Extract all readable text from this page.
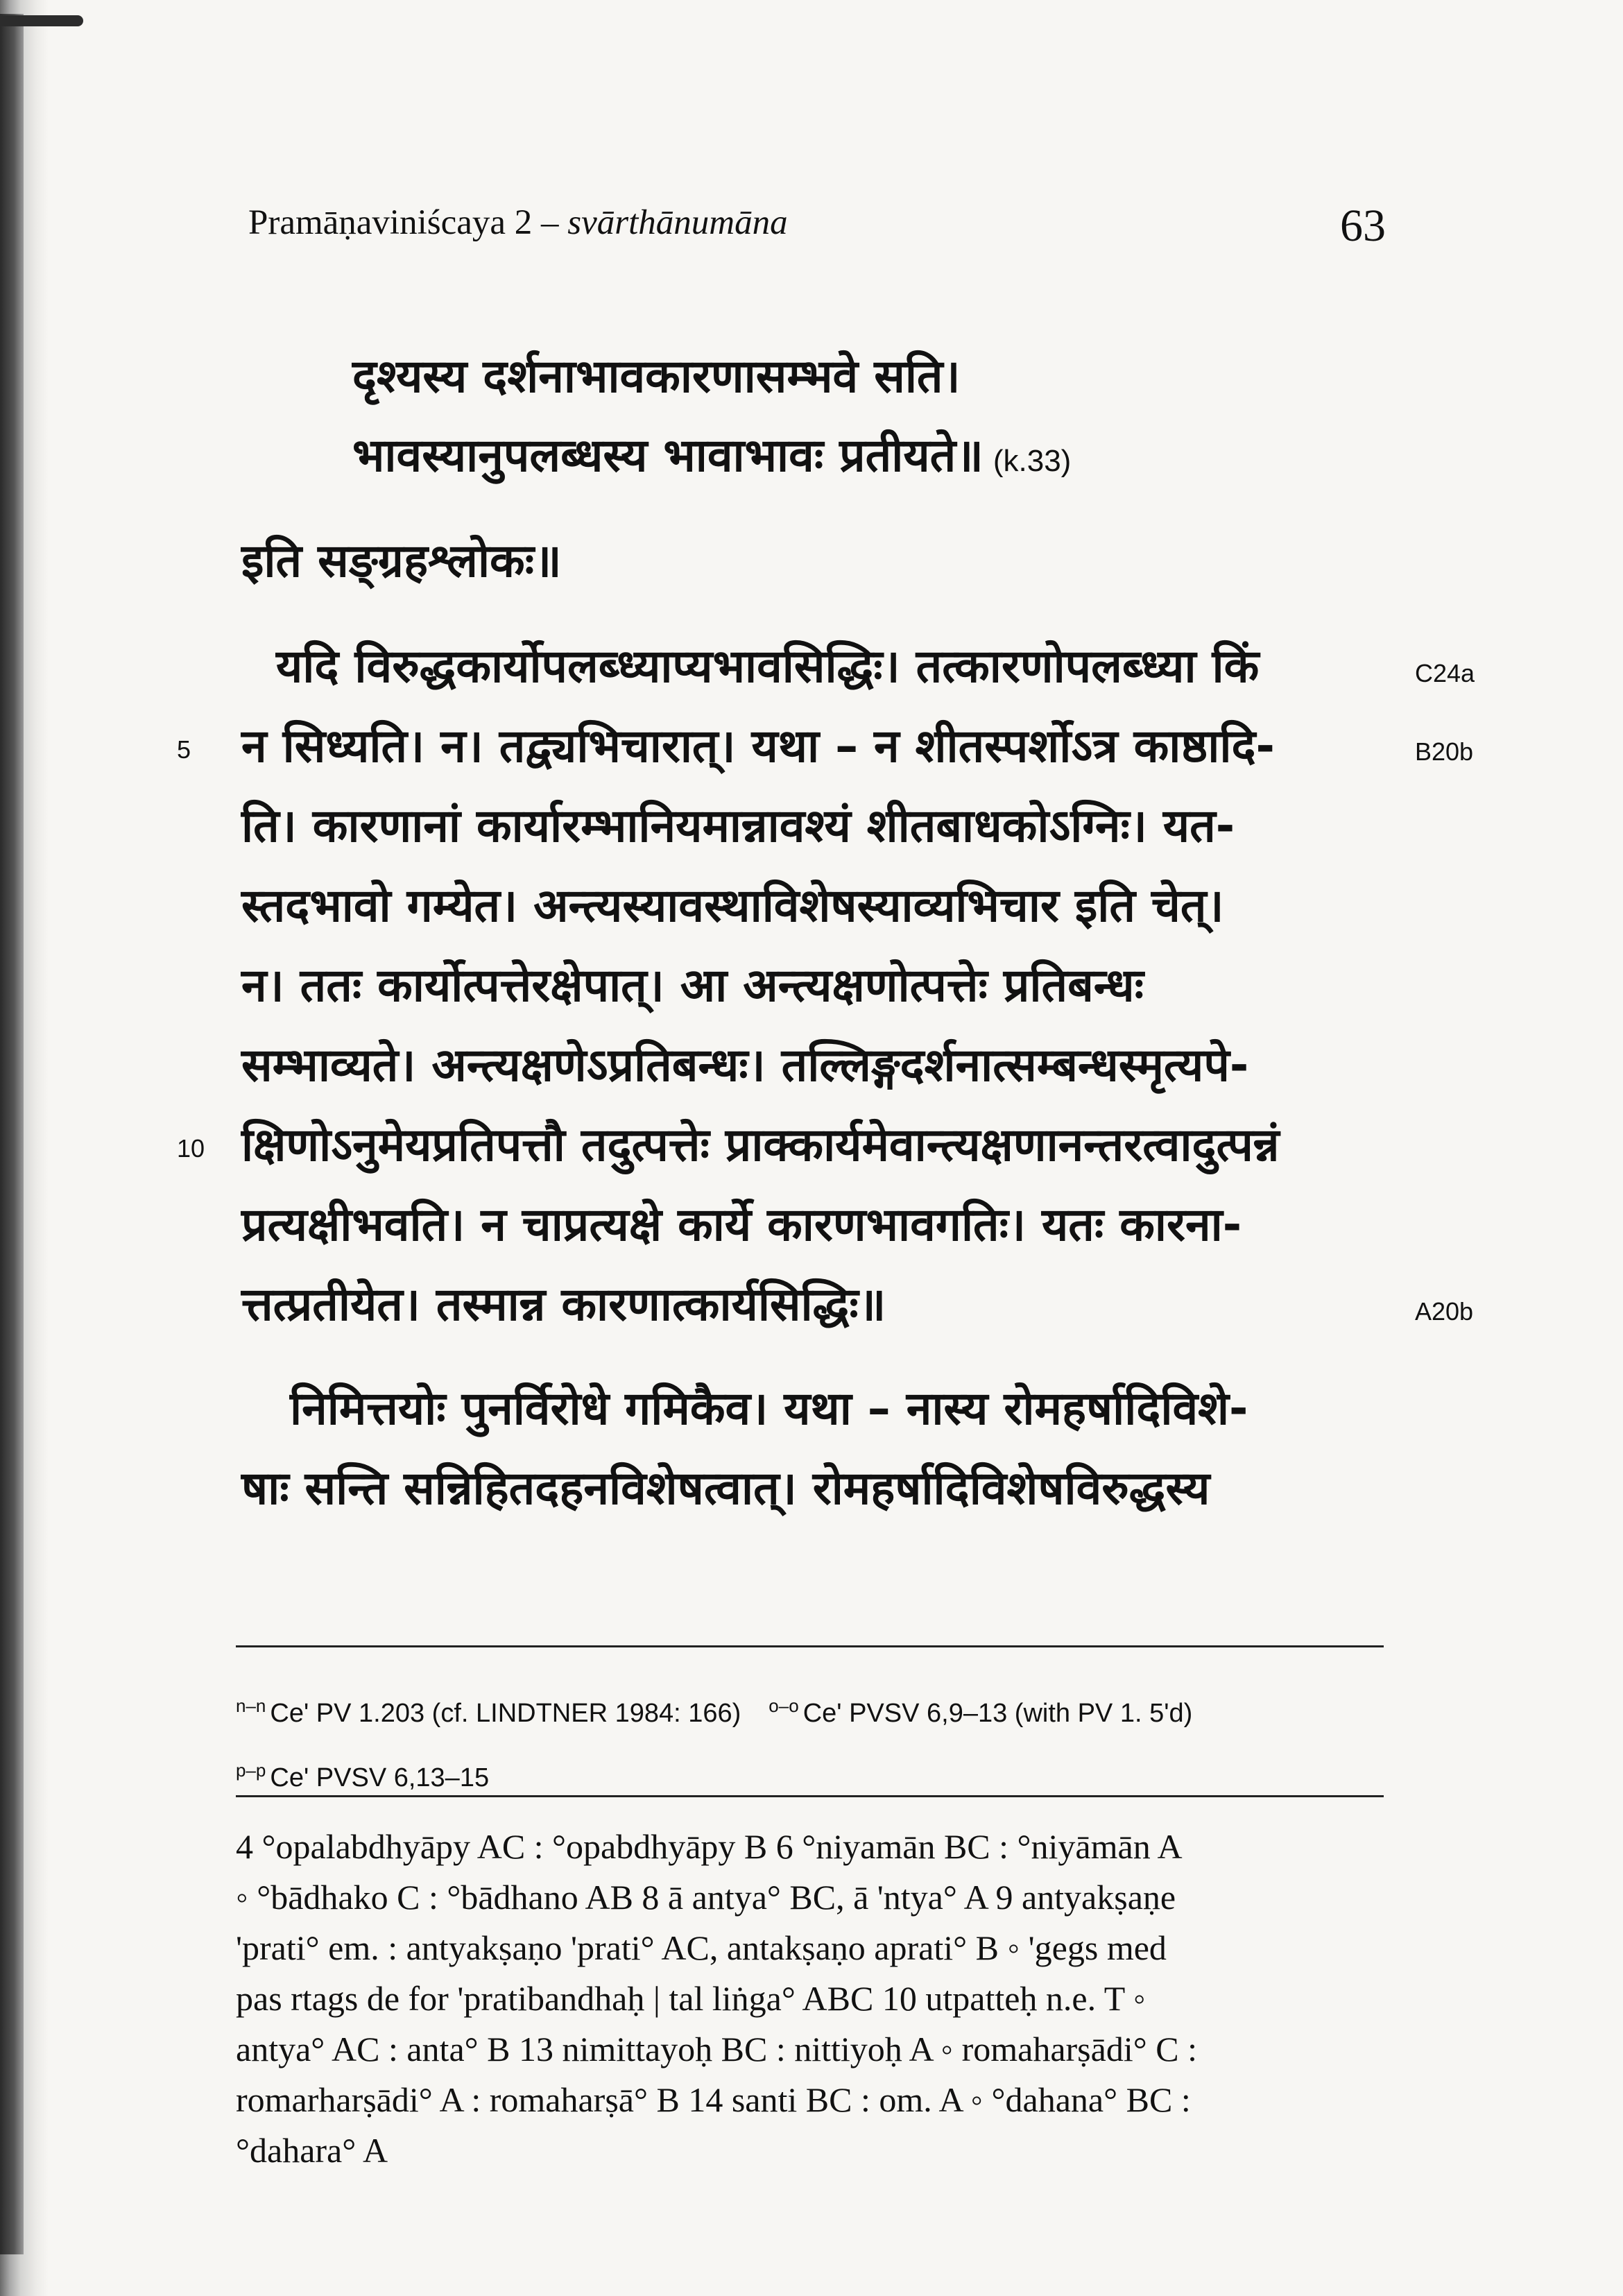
Pramāṇaviniścaya 2 – svārthānumāna	63
दृश्यस्य दर्शनाभावकारणासम्भवे सति।
भावस्यानुपलब्धस्य भावाभावः प्रतीयते॥ (k.33)
इति सङ्ग्रहश्लोकः॥
यदि विरुद्धकार्योपलब्ध्याप्यभावसिद्धिः। तत्कारणोपलब्ध्या किं
न सिध्यति। न। तद्व्यभिचारात्। यथा – न शीतस्पर्शोऽत्र काष्ठादि-
ति। कारणानां कार्यारम्भानियमान्नावश्यं शीतबाधकोऽग्निः। यत-
स्तदभावो गम्येत। अन्त्यस्यावस्थाविशेषस्याव्यभिचार इति चेत्।
न। ततः कार्योत्पत्तेरक्षेपात्। आ अन्त्यक्षणोत्पत्तेः प्रतिबन्धः
सम्भाव्यते। अन्त्यक्षणेऽप्रतिबन्धः। तल्लिङ्गदर्शनात्सम्बन्धस्मृत्यपे-
क्षिणोऽनुमेयप्रतिपत्तौ तदुत्पत्तेः प्राक्कार्यमेवान्त्यक्षणानन्तरत्वादुत्पन्नं
प्रत्यक्षीभवति। न चाप्रत्यक्षे कार्ये कारणभावगतिः। यतः कारना-
त्तत्प्रतीयेत। तस्मान्न कारणात्कार्यसिद्धिः॥
निमित्तयोः पुनर्विरोधे गमिकैव। यथा – नास्य रोमहर्षादिविशे-
षाः सन्ति सन्निहितदहनविशेषत्वात्। रोमहर्षादिविशेषविरुद्धस्य
5
10
C24a
B20b
A20b
$^{n-n}$ Ce' PV 1.203 (cf. LINDTNER 1984: 166) $^{o-o}$ Ce' PVSV 6,9–13 (with PV 1. 5'd)
$^{p-p}$ Ce' PVSV 6,13–15
4 °opalabdhyāpy AC : °opabdhyāpy B 6 °niyamān BC : °niyāmān A
◦ °bādhako C : °bādhano AB 8 ā antya° BC, ā 'ntya° A 9 antyakṣaṇe
'prati° em. : antyakṣaṇo 'prati° AC, antakṣaṇo aprati° B ◦ 'gegs med
pas rtags de for 'pratibandhaḥ | tal liṅga° ABC 10 utpatteḥ n.e. T ◦
antya° AC : anta° B 13 nimittayoḥ BC : nittiyoḥ A ◦ romaharṣādi° C :
romarharṣādi° A : romaharṣā° B 14 santi BC : om. A ◦ °dahana° BC :
°dahara° A
